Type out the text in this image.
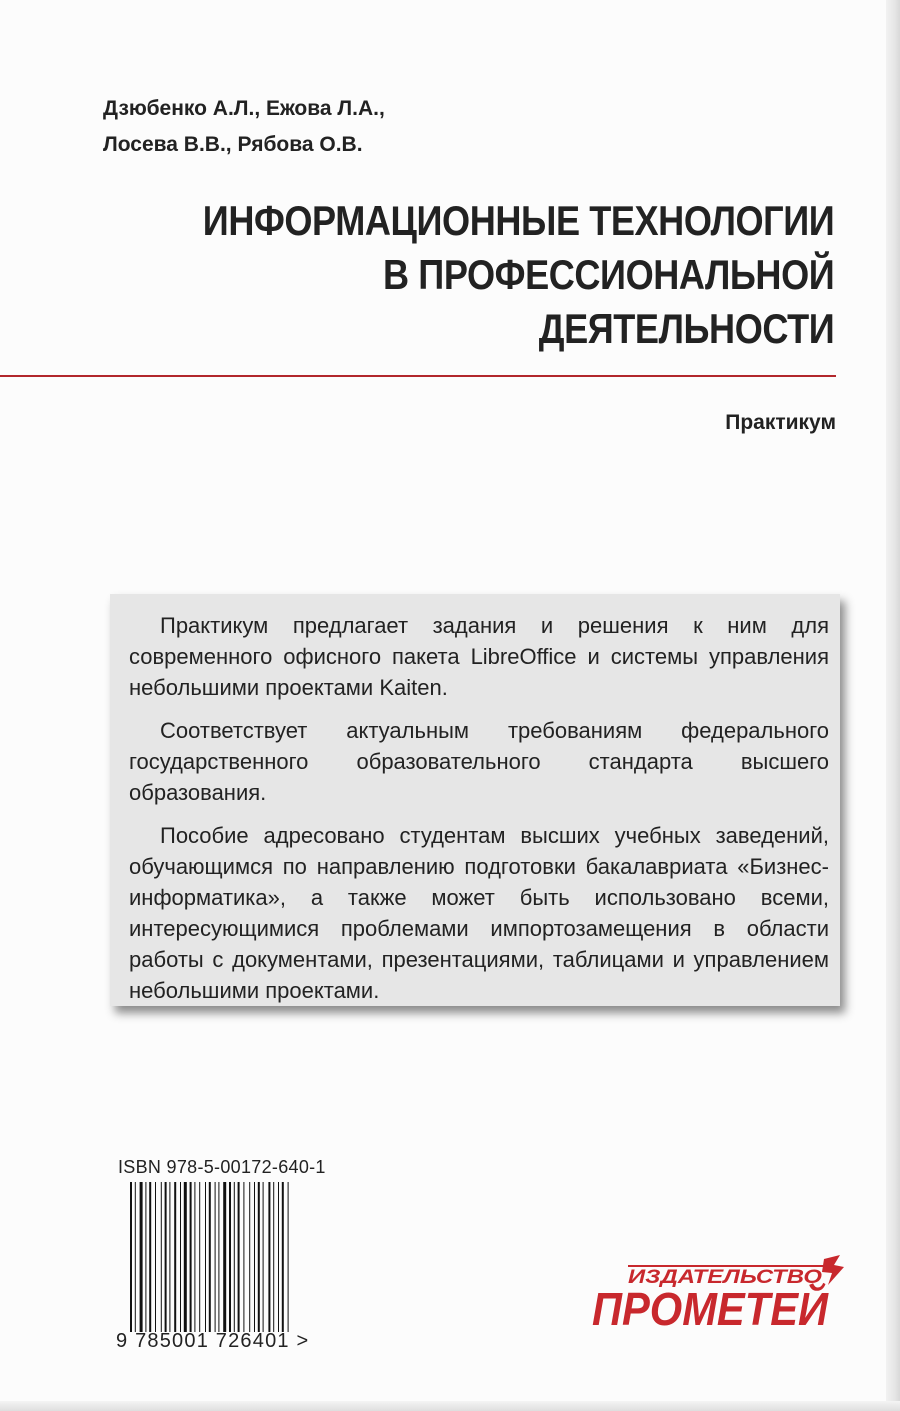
Дзюбенко А.Л., Ежова Л.А.,
Лосева В.В., Рябова О.В.
ИНФОРМАЦИОННЫЕ ТЕХНОЛОГИИ
В ПРОФЕССИОНАЛЬНОЙ
ДЕЯТЕЛЬНОСТИ
Практикум

Практикум предлагает задания и решения к ним для современного офисного пакета LibreOffice и системы управления небольшими проектами Kaiten.

Соответствует актуальным требованиям федерального государственного образовательного стандарта высшего образования.

Пособие адресовано студентам высших учебных заведений, обучающимся по направлению подготовки бакалавриата «Бизнес-информатика», а также может быть использовано всеми, интересующимися проблемами импортозамещения в области работы с документами, презентациями, таблицами и управлением небольшими проектами.

ISBN 978-5-00172-640-1
9 785001 726401 >
ИЗДАТЕЛЬСТВО
ПРОМЕТЕЙ
